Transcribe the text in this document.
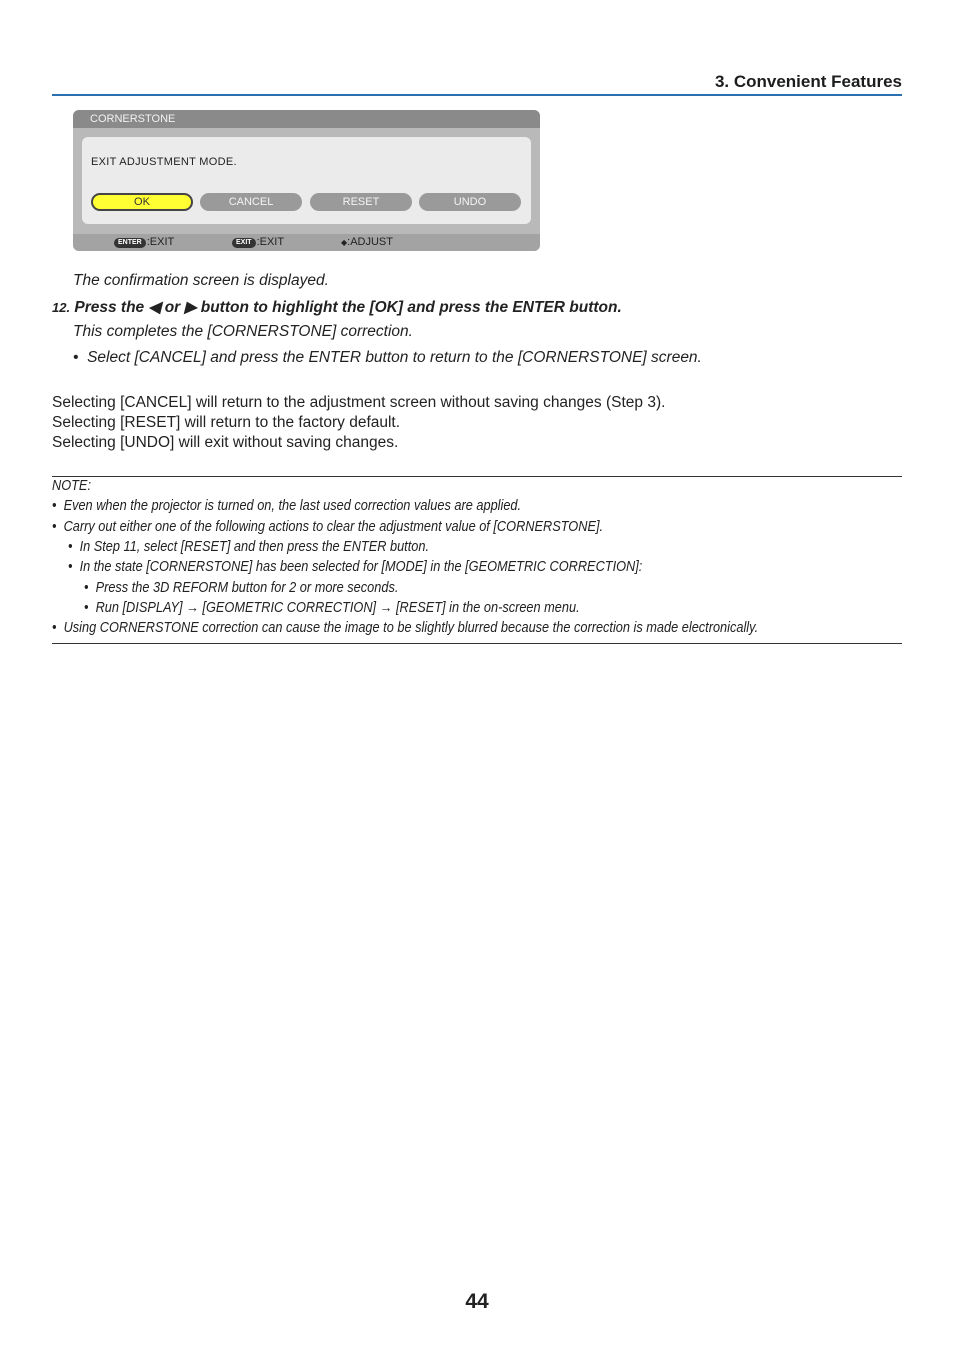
3. Convenient Features
CORNERSTONE
EXIT ADJUSTMENT MODE.
OK	CANCEL	RESET	UNDO
ENTER :EXIT	EXIT :EXIT	◆:ADJUST
The confirmation screen is displayed.
12. Press the ◀ or ▶ button to highlight the [OK] and press the ENTER button.
This completes the [CORNERSTONE] correction.
• Select [CANCEL] and press the ENTER button to return to the [CORNERSTONE] screen.
Selecting [CANCEL] will return to the adjustment screen without saving changes (Step 3).
Selecting [RESET] will return to the factory default.
Selecting [UNDO] will exit without saving changes.
NOTE:
•  Even when the projector is turned on, the last used correction values are applied.
•  Carry out either one of the following actions to clear the adjustment value of [CORNERSTONE].
•  In Step 11, select [RESET] and then press the ENTER button.
•  In the state [CORNERSTONE] has been selected for [MODE] in the [GEOMETRIC CORRECTION]:
•  Press the 3D REFORM button for 2 or more seconds.
•  Run [DISPLAY] → [GEOMETRIC CORRECTION] → [RESET] in the on-screen menu.
•  Using CORNERSTONE correction can cause the image to be slightly blurred because the correction is made electronically.
44
